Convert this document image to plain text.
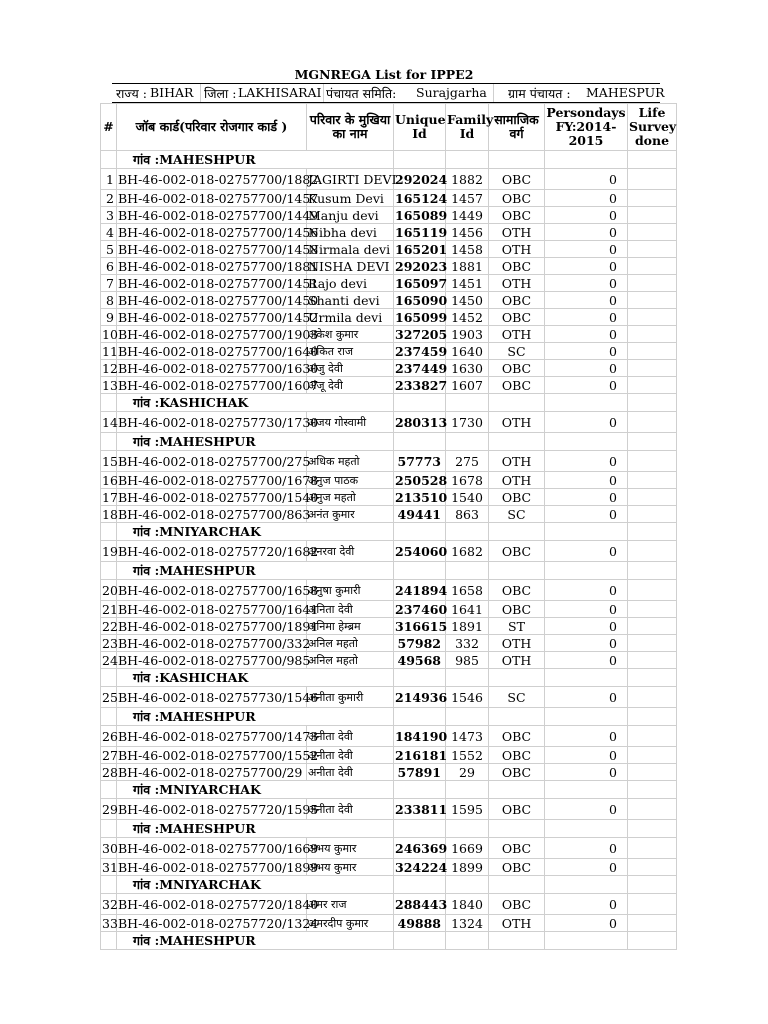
MGNREGA List for IPPE2
राज्य : BIHAR जिला : LAKHISARAI पंचायत समिति: Surajgarha ग्राम पंचायत : MAHESPUR
#	जॉब कार्ड(परिवार रोजगार कार्ड )	परिवार के मुखिया का नाम	Unique Id	Family Id	सामाजिक वर्ग	Persondays FY:2014-2015	Life Survey done
	गांव :MAHESHPUR						
1	BH-46-002-018-02757700/1882	JAGIRTI DEVI	292024	1882	OBC	0	
2	BH-46-002-018-02757700/1457	Kusum Devi	165124	1457	OBC	0	
3	BH-46-002-018-02757700/1449	Manju devi	165089	1449	OBC	0	
4	BH-46-002-018-02757700/1456	Nibha devi	165119	1456	OTH	0	
5	BH-46-002-018-02757700/1458	Nirmala devi	165201	1458	OTH	0	
6	BH-46-002-018-02757700/1881	NISHA DEVI	292023	1881	OBC	0	
7	BH-46-002-018-02757700/1451	Rajo devi	165097	1451	OTH	0	
8	BH-46-002-018-02757700/1450	Shanti devi	165090	1450	OBC	0	
9	BH-46-002-018-02757700/1452	Urmila devi	165099	1452	OBC	0	
10	BH-46-002-018-02757700/1903	अकेश कुमार	327205	1903	OTH	0	
11	BH-46-002-018-02757700/1640	अंकित राज	237459	1640	SC	0	
12	BH-46-002-018-02757700/1630	अंजु देवी	237449	1630	OBC	0	
13	BH-46-002-018-02757700/1607	अंजू देवी	233827	1607	OBC	0	
	गांव :KASHICHAK						
14	BH-46-002-018-02757730/1730	अजय गोस्वामी	280313	1730	OTH	0	
	गांव :MAHESHPUR						
15	BH-46-002-018-02757700/275	अधिक महतो	57773	275	OTH	0	
16	BH-46-002-018-02757700/1678	अनुज पाठक	250528	1678	OTH	0	
17	BH-46-002-018-02757700/1540	अनुज महतो	213510	1540	OBC	0	
18	BH-46-002-018-02757700/863	अनंत कुमार	49441	863	SC	0	
	गांव :MNIYARCHAK						
19	BH-46-002-018-02757720/1682	अनरवा देवी	254060	1682	OBC	0	
	गांव :MAHESHPUR						
20	BH-46-002-018-02757700/1658	अनुषा कुमारी	241894	1658	OBC	0	
21	BH-46-002-018-02757700/1641	अनिता देवी	237460	1641	OBC	0	
22	BH-46-002-018-02757700/1891	अनिमा हेम्ब्रम	316615	1891	ST	0	
23	BH-46-002-018-02757700/332	अनिल महतो	57982	332	OTH	0	
24	BH-46-002-018-02757700/985	अनिल महतो	49568	985	OTH	0	
	गांव :KASHICHAK						
25	BH-46-002-018-02757730/1546	अनीता कुमारी	214936	1546	SC	0	
	गांव :MAHESHPUR						
26	BH-46-002-018-02757700/1473	अनीता देवी	184190	1473	OBC	0	
27	BH-46-002-018-02757700/1552	अनीता देवी	216181	1552	OBC	0	
28	BH-46-002-018-02757700/29	अनीता देवी	57891	29	OBC	0	
	गांव :MNIYARCHAK						
29	BH-46-002-018-02757720/1595	अनीता देवी	233811	1595	OBC	0	
	गांव :MAHESHPUR						
30	BH-46-002-018-02757700/1669	अभय कुमार	246369	1669	OBC	0	
31	BH-46-002-018-02757700/1899	अभय कुमार	324224	1899	OBC	0	
	गांव :MNIYARCHAK						
32	BH-46-002-018-02757720/1840	अमर राज	288443	1840	OBC	0	
33	BH-46-002-018-02757720/1324	अमरदीप कुमार	49888	1324	OTH	0	
	गांव :MAHESHPUR						
